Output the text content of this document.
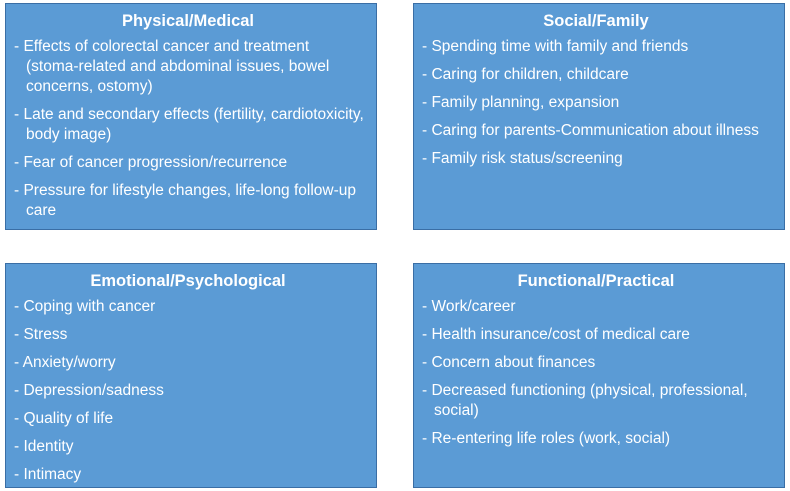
Physical/Medical
- Effects of colorectal cancer and treatment (stoma-related and abdominal issues, bowel concerns, ostomy)
- Late and secondary effects (fertility, cardiotoxicity, body image)
- Fear of cancer progression/recurrence
- Pressure for lifestyle changes, life-long follow-up care
Social/Family
- Spending time with family and friends
- Caring for children, childcare
- Family planning, expansion
- Caring for parents-Communication about illness
- Family risk status/screening
Emotional/Psychological
- Coping with cancer
- Stress
- Anxiety/worry
- Depression/sadness
- Quality of life
- Identity
- Intimacy
Functional/Practical
- Work/career
- Health insurance/cost of medical care
- Concern about finances
- Decreased functioning (physical, professional, social)
- Re-entering life roles (work, social)
